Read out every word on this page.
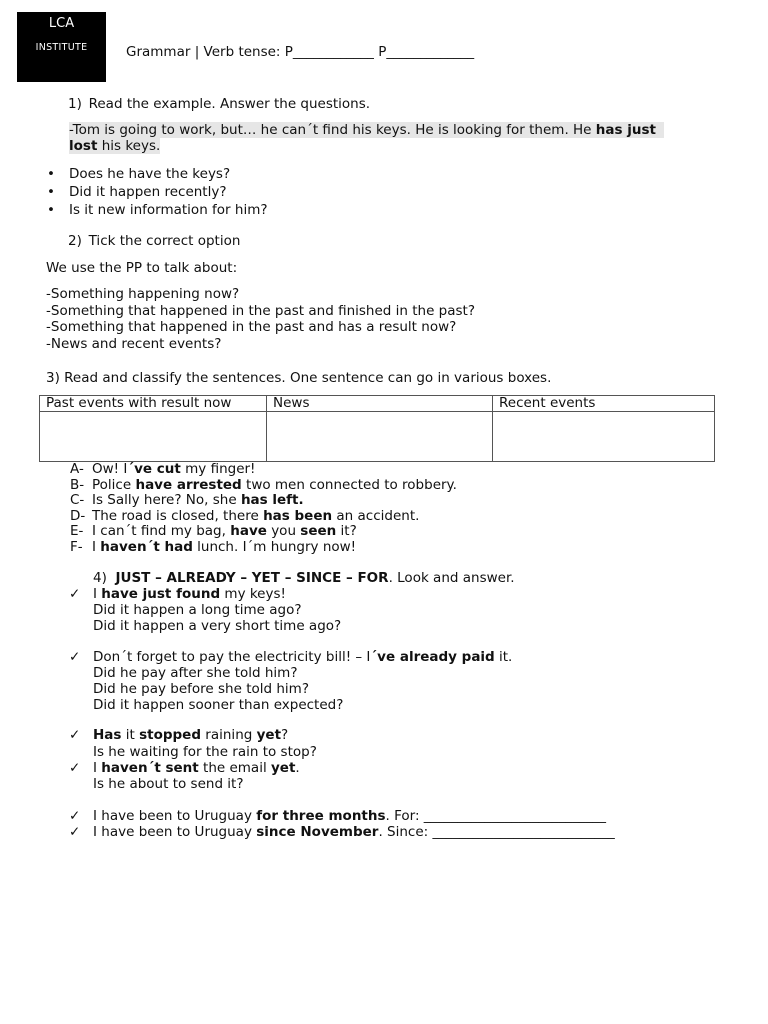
LCA
INSTITUTE	Grammar | Verb tense: P____________ P_____________
1) Read the example. Answer the questions.
-Tom is going to work, but… he can´t find his keys. He is looking for them. He has just
lost his keys.
• Does he have the keys?
• Did it happen recently?
• Is it new information for him?
2) Tick the correct option
We use the PP to talk about:
-Something happening now?
-Something that happened in the past and finished in the past?
-Something that happened in the past and has a result now?
-News and recent events?
3) Read and classify the sentences. One sentence can go in various boxes.
Past events with result now	News	Recent events

A- Ow! I´ve cut my finger!
B- Police have arrested two men connected to robbery.
C- Is Sally here? No, she has left.
D- The road is closed, there has been an accident.
E- I can´t find my bag, have you seen it?
F- I haven´t had lunch. I´m hungry now!
4) JUST – ALREADY – YET – SINCE – FOR. Look and answer.
✓ I have just found my keys!
Did it happen a long time ago?
Did it happen a very short time ago?
✓ Don´t forget to pay the electricity bill! – I´ve already paid it.
Did he pay after she told him?
Did he pay before she told him?
Did it happen sooner than expected?
✓ Has it stopped raining yet?
Is he waiting for the rain to stop?
✓ I haven´t sent the email yet.
Is he about to send it?
✓ I have been to Uruguay for three months. For: ___________________________
✓ I have been to Uruguay since November. Since: ___________________________
